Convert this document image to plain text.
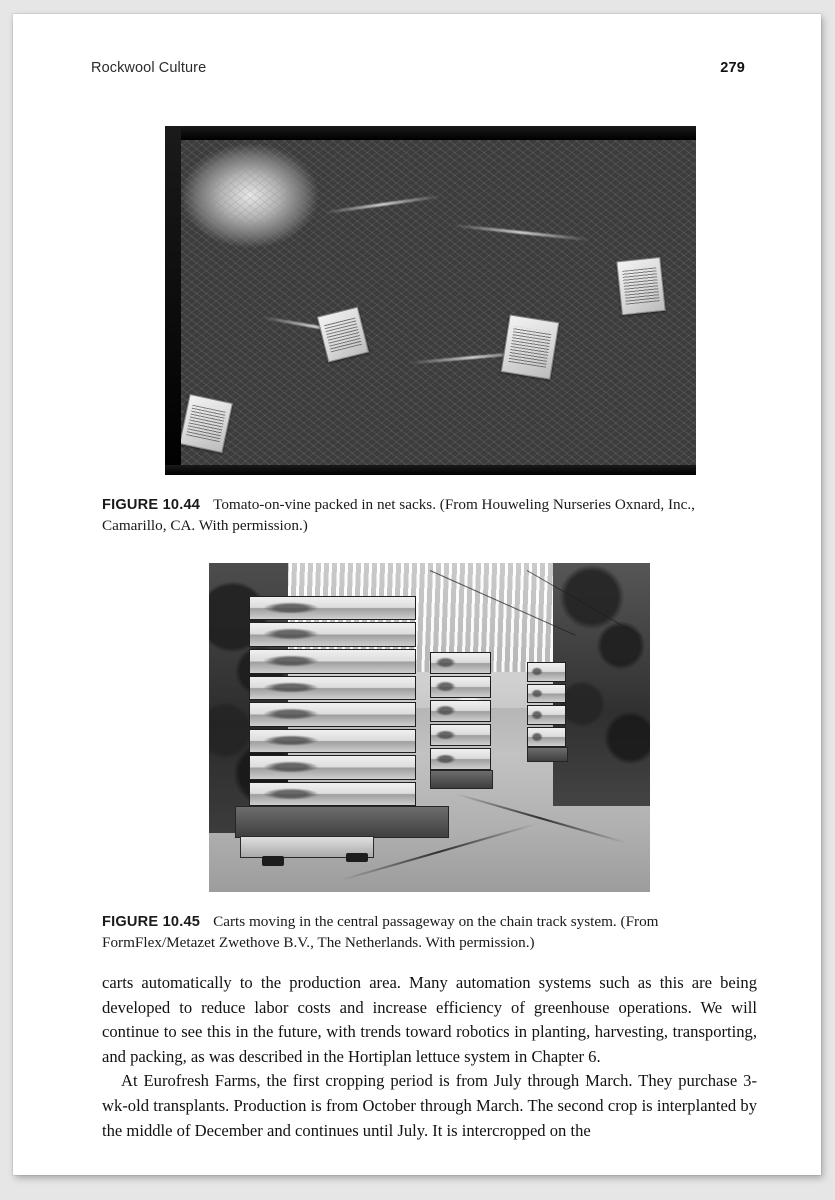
Rockwool Culture	279
FIGURE 10.44 Tomato-on-vine packed in net sacks. (From Houweling Nurseries Oxnard, Inc.,
Camarillo, CA. With permission.)
FIGURE 10.45 Carts moving in the central passageway on the chain track system. (From
FormFlex/Metazet Zwethove B.V., The Netherlands. With permission.)

carts automatically to the production area. Many automation systems such as this are being developed to reduce labor costs and increase efficiency of greenhouse operations. We will continue to see this in the future, with trends toward robotics in planting, harvesting, transporting, and packing, as was described in the Hortiplan lettuce system in Chapter 6.

At Eurofresh Farms, the first cropping period is from July through March. They purchase 3-wk-old transplants. Production is from October through March. The second crop is interplanted by the middle of December and continues until July. It is intercropped on the
